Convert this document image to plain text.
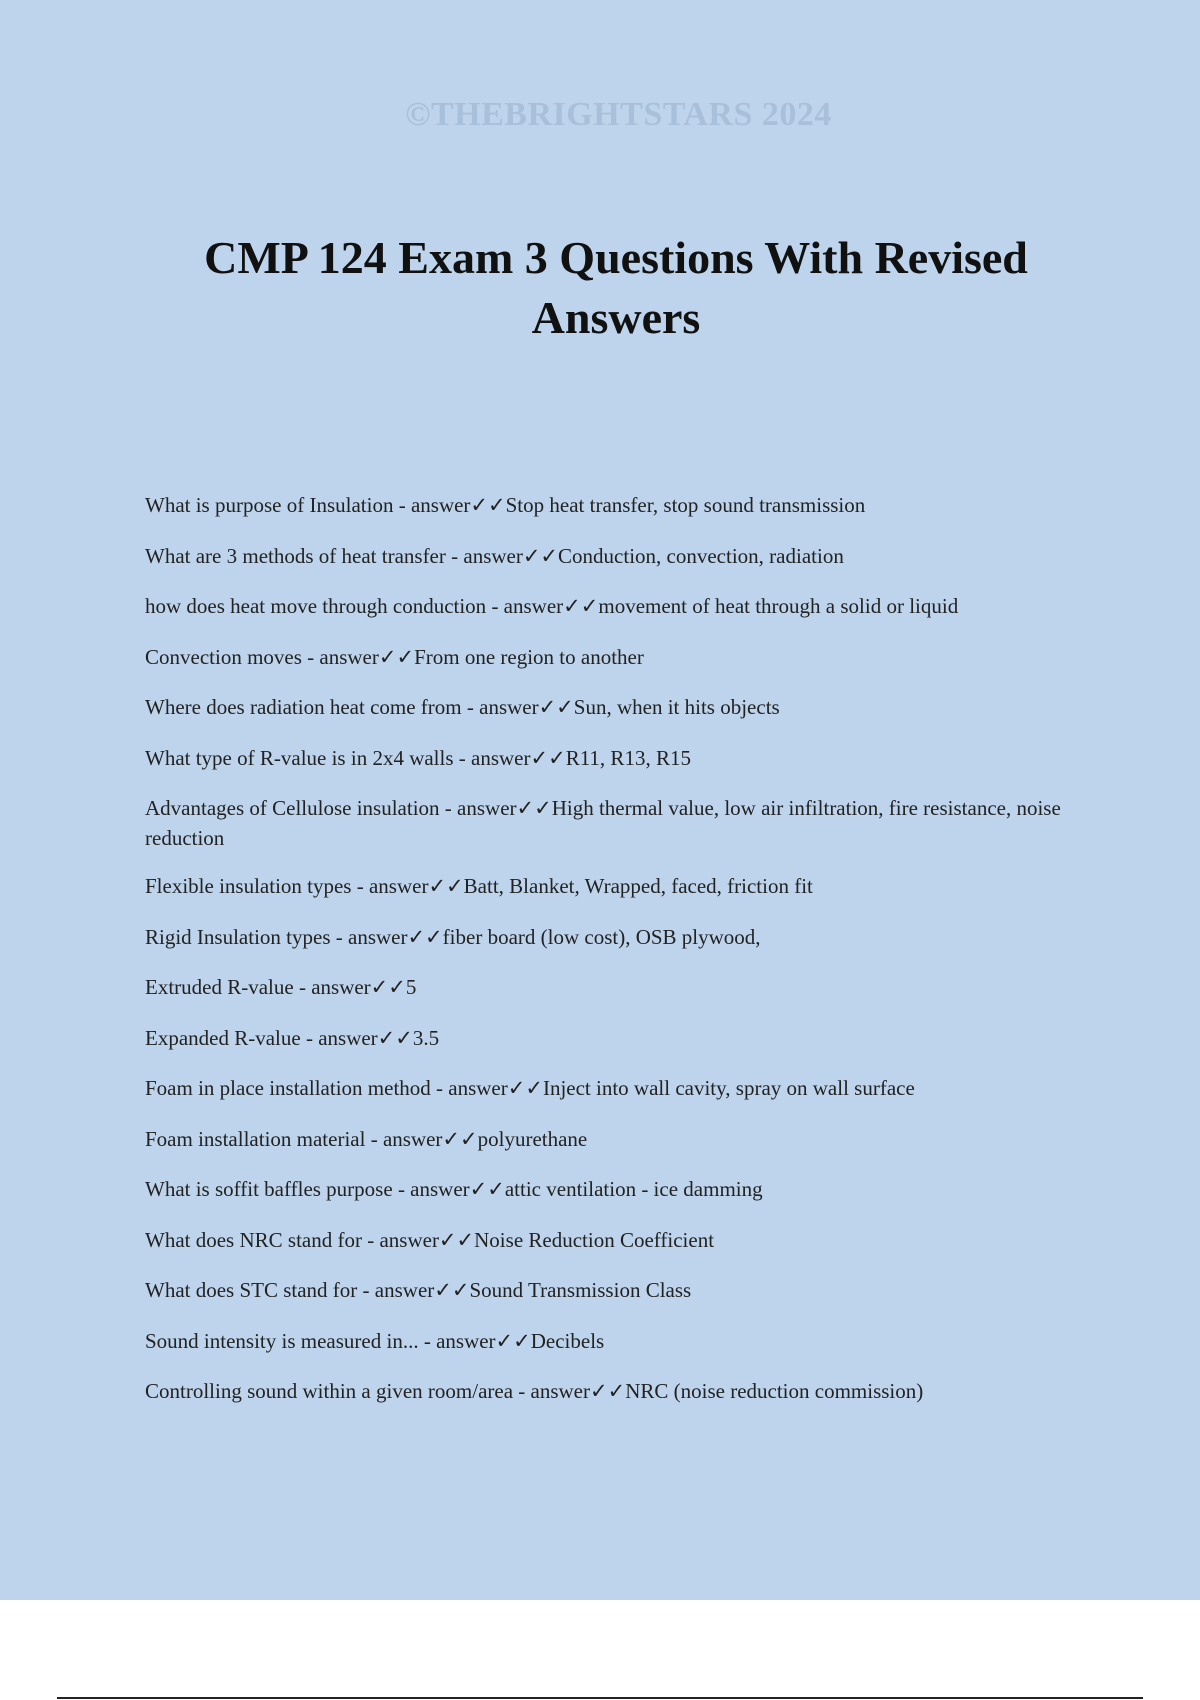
©THEBRIGHTSTARS 2024
CMP 124 Exam 3 Questions With Revised Answers
What is purpose of Insulation - answer✓✓Stop heat transfer, stop sound transmission
What are 3 methods of heat transfer - answer✓✓Conduction, convection, radiation
how does heat move through conduction - answer✓✓movement of heat through a solid or liquid
Convection moves - answer✓✓From one region to another
Where does radiation heat come from - answer✓✓Sun, when it hits objects
What type of R-value is in 2x4 walls - answer✓✓R11, R13, R15
Advantages of Cellulose insulation - answer✓✓High thermal value, low air infiltration, fire resistance, noise reduction
Flexible insulation types - answer✓✓Batt, Blanket, Wrapped, faced, friction fit
Rigid Insulation types - answer✓✓fiber board (low cost), OSB plywood,
Extruded R-value - answer✓✓5
Expanded R-value - answer✓✓3.5
Foam in place installation method - answer✓✓Inject into wall cavity, spray on wall surface
Foam installation material - answer✓✓polyurethane
What is soffit baffles purpose - answer✓✓attic ventilation - ice damming
What does NRC stand for - answer✓✓Noise Reduction Coefficient
What does STC stand for - answer✓✓Sound Transmission Class
Sound intensity is measured in... - answer✓✓Decibels
Controlling sound within a given room/area - answer✓✓NRC (noise reduction commission)
